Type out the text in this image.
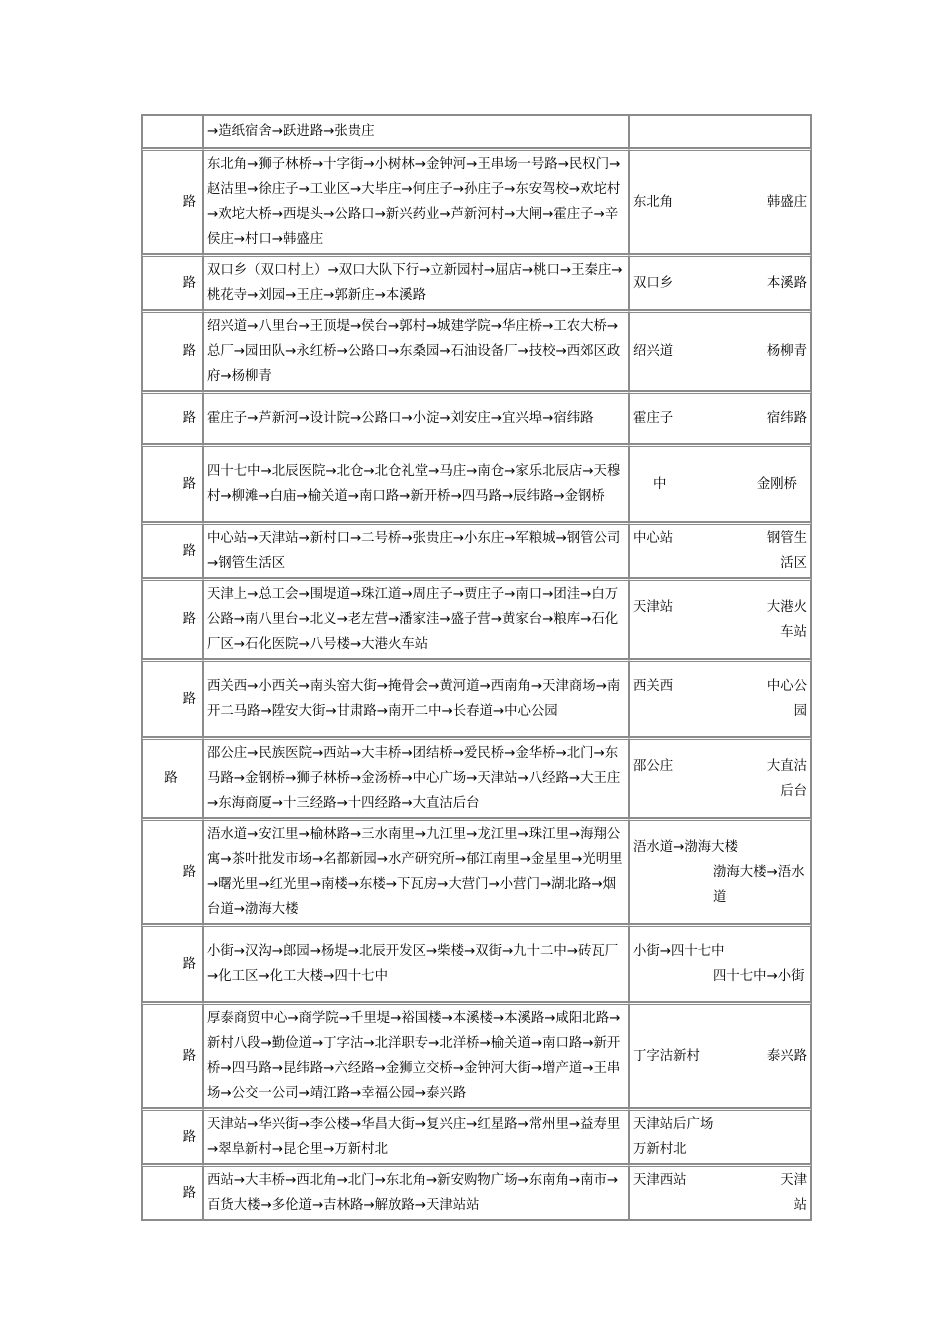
	→造纸宿舍→跃进路→张贵庄	
路	东北角→狮子林桥→十字街→小树林→金钟河→王串场一号路→民权门→赵沽里→徐庄子→工业区→大毕庄→何庄子→孙庄子→东安驾校→欢坨村→欢坨大桥→西堤头→公路口→新兴药业→芦新河村→大闸→霍庄子→辛侯庄→村口→韩盛庄	东北角 韩盛庄

路	双口乡（双口村上）→双口大队下行→立新园村→屈店→桃口→王秦庄→桃花寺→刘园→王庄→郭新庄→本溪路	双口乡 本溪路

路	绍兴道→八里台→王顶堤→侯台→郭村→城建学院→华庄桥→工农大桥→总厂→园田队→永红桥→公路口→东桑园→石油设备厂→技校→西郊区政府→杨柳青	绍兴道 杨柳青

路	霍庄子→芦新河→设计院→公路口→小淀→刘安庄→宜兴埠→宿纬路	霍庄子 宿纬路

路	四十七中→北辰医院→北仓→北仓礼堂→马庄→南仓→家乐北辰店→天穆村→柳滩→白庙→榆关道→南口路→新开桥→四马路→辰纬路→金钢桥	中 金刚桥

路	中心站→天津站→新村口→二号桥→张贵庄→小东庄→军粮城→钢管公司→钢管生活区	中心站 钢管生活区

路	天津上→总工会→围堤道→珠江道→周庄子→贾庄子→南口→团洼→白万公路→南八里台→北义→老左营→潘家洼→盛子营→黄家台→粮库→石化厂区→石化医院→八号楼→大港火车站	天津站 大港火车站

路	西关西→小西关→南头窑大街→掩骨会→黄河道→西南角→天津商场→南开二马路→陞安大街→甘肃路→南开二中→长春道→中心公园	西关西 中心公园

路	邵公庄→民族医院→西站→大丰桥→团结桥→爱民桥→金华桥→北门→东马路→金钢桥→狮子林桥→金汤桥→中心广场→天津站→八经路→大王庄→东海商厦→十三经路→十四经路→大直沽后台	邵公庄 大直沽后台

路	浯水道→安江里→榆林路→三水南里→九江里→龙江里→珠江里→海翔公寓→茶叶批发市场→名都新园→水产研究所→郁江南里→金星里→光明里→曙光里→红光里→南楼→东楼→下瓦房→大营门→小营门→湖北路→烟台道→渤海大楼	浯水道→渤海大楼
渤海大楼→浯水道

路	小街→汉沟→郎园→杨堤→北辰开发区→柴楼→双街→九十二中→砖瓦厂→化工区→化工大楼→四十七中	小街→四十七中
四十七中→小街

路	厚泰商贸中心→商学院→千里堤→裕国楼→本溪楼→本溪路→咸阳北路→新村八段→勤俭道→丁字沽→北洋职专→北洋桥→榆关道→南口路→新开桥→四马路→昆纬路→六经路→金狮立交桥→金钟河大街→增产道→王串场→公交一公司→靖江路→幸福公园→泰兴路	丁字沽新村 泰兴路

路	天津站→华兴街→李公楼→华昌大街→复兴庄→红星路→常州里→益寿里→翠阜新村→昆仑里→万新村北	天津站后广场
万新村北

路	西站→大丰桥→西北角→北门→东北角→新安购物广场→东南角→南市→百货大楼→多伦道→吉林路→解放路→天津站站	天津西站 天津站
